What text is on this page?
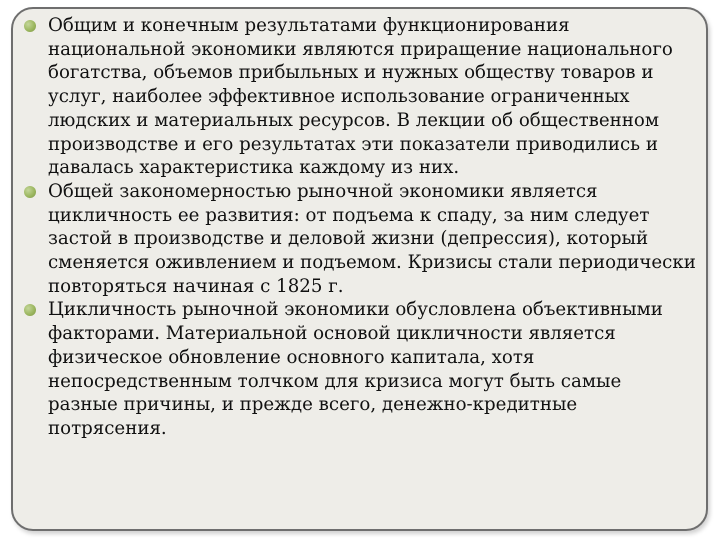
Общим и конечным результатами функционирования национальной экономики являются приращение национального богатства, объемов прибыльных и нужных обществу товаров и услуг, наиболее эффективное использование ограниченных людских и материальных ресурсов. В лекции об общественном производстве и его результатах эти показатели приводились и давалась характеристика каждому из них.

Общей закономерностью рыночной экономики является цикличность ее развития: от подъема к спаду, за ним следует застой в производстве и деловой жизни (депрессия), который сменяется оживлением и подъемом. Кризисы стали периодически повторяться начиная с 1825 г.

Цикличность рыночной экономики обусловлена объективными факторами. Материальной основой цикличности является физическое обновление основного капитала, хотя непосредственным толчком для кризиса могут быть самые разные причины, и прежде всего, денежно-кредитные потрясения.
